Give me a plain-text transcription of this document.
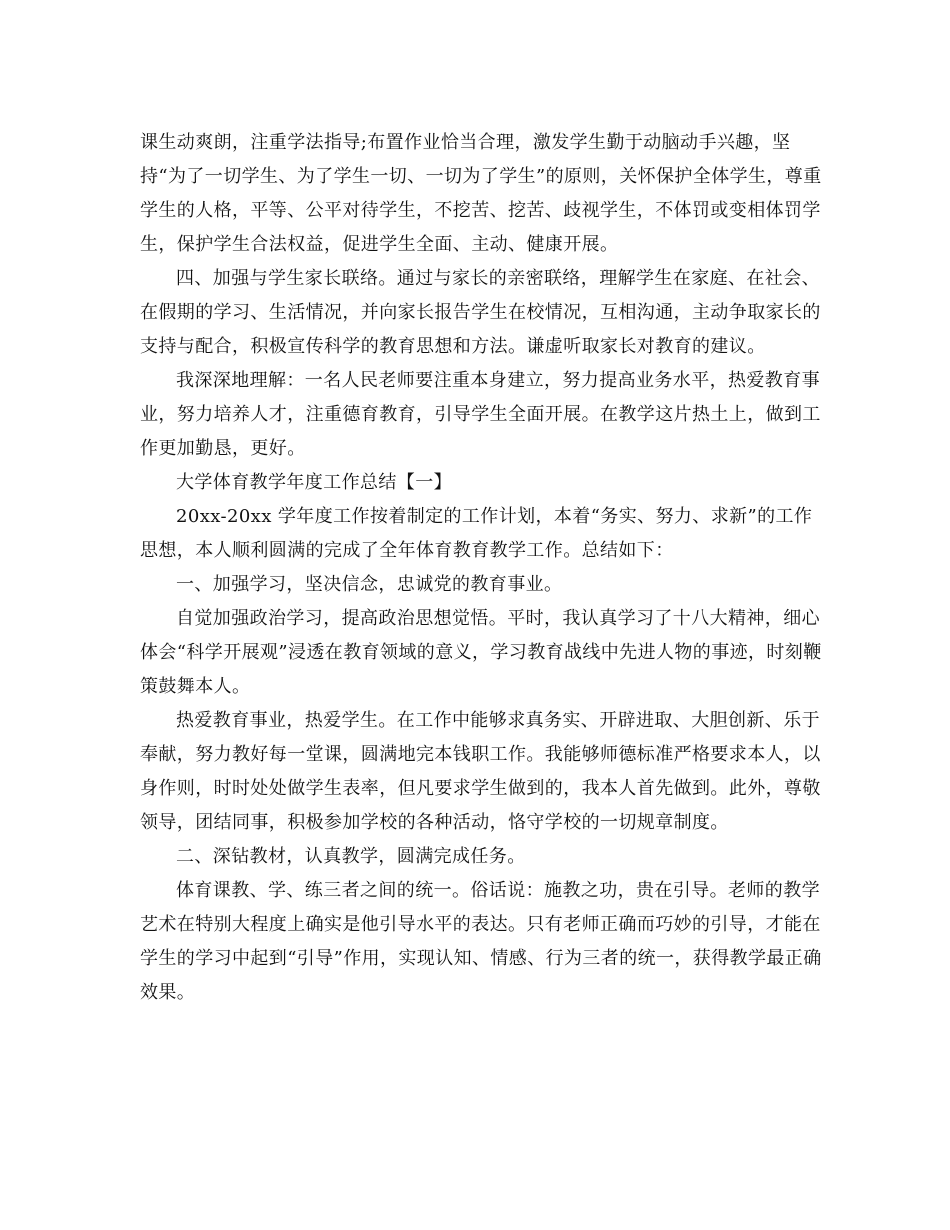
课生动爽朗，注重学法指导;布置作业恰当合理，激发学生勤于动脑动手兴趣，坚持“为了一切学生、为了学生一切、一切为了学生”的原则，关怀保护全体学生，尊重学生的人格，平等、公平对待学生，不挖苦、挖苦、歧视学生，不体罚或变相体罚学生，保护学生合法权益，促进学生全面、主动、健康开展。

四、加强与学生家长联络。通过与家长的亲密联络，理解学生在家庭、在社会、在假期的学习、生活情况，并向家长报告学生在校情况，互相沟通，主动争取家长的支持与配合，积极宣传科学的教育思想和方法。谦虚听取家长对教育的建议。

我深深地理解：一名人民老师要注重本身建立，努力提高业务水平，热爱教育事业，努力培养人才，注重德育教育，引导学生全面开展。在教学这片热土上，做到工作更加勤恳，更好。

大学体育教学年度工作总结【一】

20xx-20xx 学年度工作按着制定的工作计划，本着“务实、努力、求新”的工作思想，本人顺利圆满的完成了全年体育教育教学工作。总结如下：

一、加强学习，坚决信念，忠诚党的教育事业。

自觉加强政治学习，提高政治思想觉悟。平时，我认真学习了十八大精神，细心体会“科学开展观”浸透在教育领域的意义，学习教育战线中先进人物的事迹，时刻鞭策鼓舞本人。

热爱教育事业，热爱学生。在工作中能够求真务实、开辟进取、大胆创新、乐于奉献，努力教好每一堂课，圆满地完本钱职工作。我能够师德标准严格要求本人，以身作则，时时处处做学生表率，但凡要求学生做到的，我本人首先做到。此外，尊敬领导，团结同事，积极参加学校的各种活动，恪守学校的一切规章制度。

二、深钻教材，认真教学，圆满完成任务。

体育课教、学、练三者之间的统一。俗话说：施教之功，贵在引导。老师的教学艺术在特别大程度上确实是他引导水平的表达。只有老师正确而巧妙的引导，才能在学生的学习中起到“引导”作用，实现认知、情感、行为三者的统一，获得教学最正确效果。
